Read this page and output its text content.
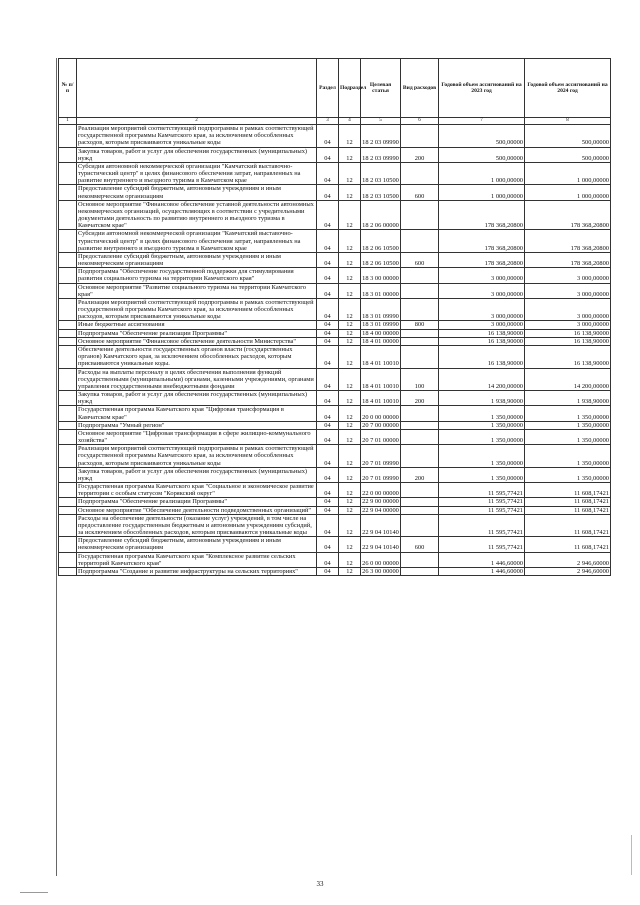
№ п/п		Раздел	Подраздел	Целевая статья	Вид расходов	Годовой объем ассигнований на 2023 год	Годовой объем ассигнований на 2024 год
1	2	3	4	5	6	7	8
	Реализация мероприятий соответствующей подпрограммы в рамках соответствующей государственной программы Камчатского края, за исключением обособленных расходов, которым присваиваются уникальные коды	04	12	18 2 03 09990		500,00000	500,00000
	Закупка товаров, работ и услуг для обеспечения государственных (муниципальных) нужд	04	12	18 2 03 09990	200	500,00000	500,00000
	Субсидия автономной некоммерческой организации "Камчатский выставочно-туристический центр" в целях финансового обеспечения затрат, направленных на развитие внутреннего и въездного туризма в Камчатском крае	04	12	18 2 03 10500		1 000,00000	1 000,00000
	Предоставление субсидий бюджетным, автономным учреждениям и иным некоммерческим организациям	04	12	18 2 03 10500	600	1 000,00000	1 000,00000
	Основное мероприятие "Финансовое обеспечение уставной деятельности автономных некоммерческих организаций, осуществляющих в соответствии с учредительными документами деятельность по развитию внутреннего и въездного туризма в Камчатском крае"	04	12	18 2 06 00000		178 368,20800	178 368,20800
	Субсидии автономной некоммерческой организации "Камчатский выставочно-туристический центр" в целях финансового обеспечения затрат, направленных на развитие внутреннего и въездного туризма в Камчатском крае	04	12	18 2 06 10500		178 368,20800	178 368,20800
	Предоставление субсидий бюджетным, автономным учреждениям и иным некоммерческим организациям	04	12	18 2 06 10500	600	178 368,20800	178 368,20800
	Подпрограмма "Обеспечение государственной поддержки для стимулирования развития социального туризма на территории Камчатского края"	04	12	18 3 00 00000		3 000,00000	3 000,00000
	Основное мероприятие "Развитие социального туризма на территории Камчатского края"	04	12	18 3 01 00000		3 000,00000	3 000,00000
	Реализация мероприятий соответствующей подпрограммы в рамках соответствующей государственной программы Камчатского края, за исключением обособленных расходов, которым присваиваются уникальные коды	04	12	18 3 01 09990		3 000,00000	3 000,00000
	Иные бюджетные ассигнования	04	12	18 3 01 09990	800	3 000,00000	3 000,00000
	Подпрограмма "Обеспечение реализации Программы"	04	12	18 4 00 00000		16 138,90000	16 138,90000
	Основное мероприятие "Финансовое обеспечение деятельности Министерства"	04	12	18 4 01 00000		16 138,90000	16 138,90000
	Обеспечение деятельности государственных органов власти (государственных органов) Камчатского края, за исключением обособленных расходов, которым присваиваются уникальные коды.	04	12	18 4 01 10010		16 138,90000	16 138,90000
	Расходы на выплаты персоналу в целях обеспечения выполнения функций государственными (муниципальными) органами, казенными учреждениями, органами управления государственными внебюджетными фондами	04	12	18 4 01 10010	100	14 200,00000	14 200,00000
	Закупка товаров, работ и услуг для обеспечения государственных (муниципальных) нужд	04	12	18 4 01 10010	200	1 938,90000	1 938,90000
	Государственная программа Камчатского края "Цифровая трансформация в Камчатском крае"	04	12	20 0 00 00000		1 350,00000	1 350,00000
	Подпрограмма "Умный регион"	04	12	20 7 00 00000		1 350,00000	1 350,00000
	Основное мероприятие "Цифровая трансформация в сфере жилищно-коммунального хозяйства"	04	12	20 7 01 00000		1 350,00000	1 350,00000
	Реализация мероприятий соответствующей подпрограммы в рамках соответствующей государственной программы Камчатского края, за исключением обособленных расходов, которым присваиваются уникальные коды	04	12	20 7 01 09990		1 350,00000	1 350,00000
	Закупка товаров, работ и услуг для обеспечения государственных (муниципальных) нужд	04	12	20 7 01 09990	200	1 350,00000	1 350,00000
	Государственная программа Камчатского края "Социальное и экономическое развитие территории с особым статусом "Корякский округ"	04	12	22 0 00 00000		11 595,77421	11 608,17421
	Подпрограмма "Обеспечение реализации Программы"	04	12	22 9 00 00000		11 595,77421	11 608,17421
	Основное мероприятие "Обеспечение деятельности подведомственных организаций"	04	12	22 9 04 00000		11 595,77421	11 608,17421
	Расходы на обеспечение деятельности (оказание услуг) учреждений, в том числе на предоставление государственным бюджетным и автономным учреждениям субсидий, за исключением обособленных расходов, которым присваиваются уникальные коды	04	12	22 9 04 10140		11 595,77421	11 608,17421
	Предоставление субсидий бюджетным, автономным учреждениям и иным некоммерческим организациям	04	12	22 9 04 10140	600	11 595,77421	11 608,17421
	Государственная программа Камчатского края "Комплексное развитие сельских территорий Камчатского края"	04	12	26 0 00 00000		1 446,60000	2 946,60000
	Подпрограмма "Создание и развитие инфраструктуры на сельских территориях"	04	12	26 3 00 00000		1 446,60000	2 946,60000
33
